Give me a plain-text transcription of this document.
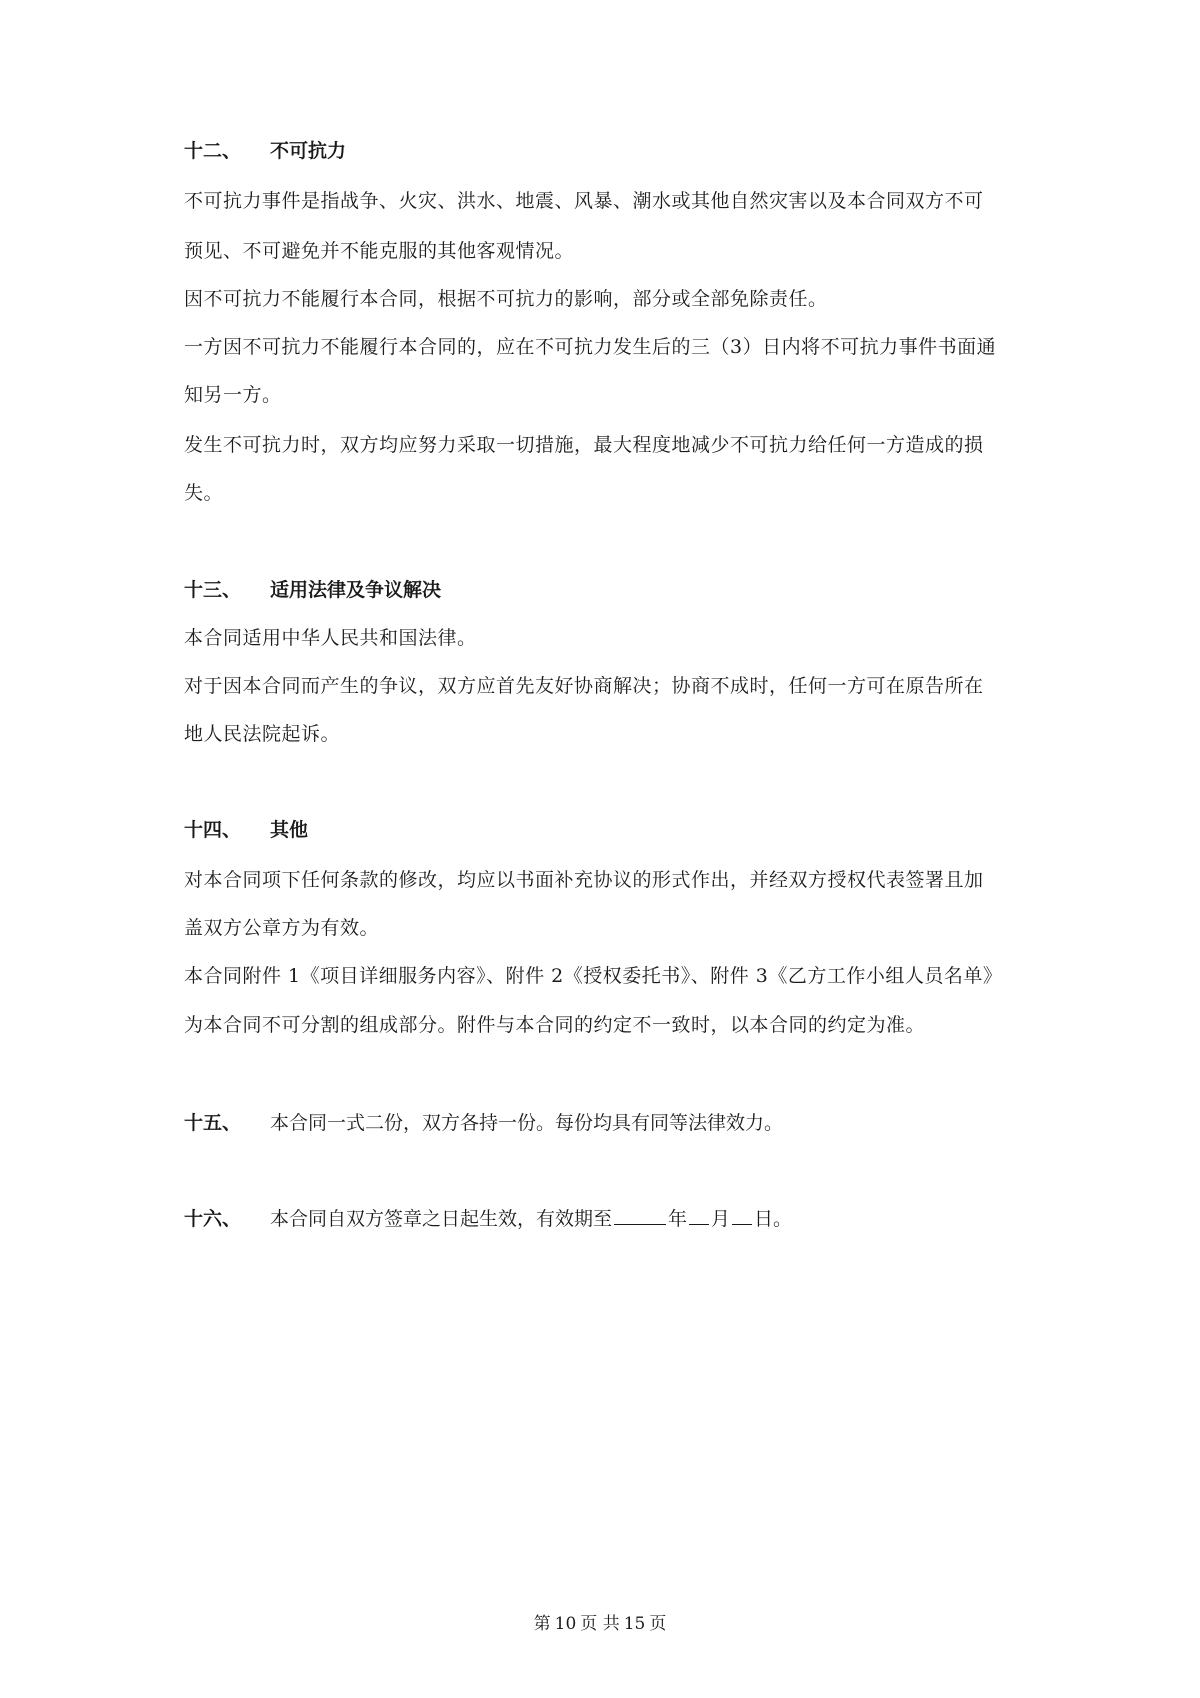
十二、 不可抗力
不可抗力事件是指战争、火灾、洪水、地震、风暴、潮水或其他自然灾害以及本合同双方不可
预见、不可避免并不能克服的其他客观情况。
因不可抗力不能履行本合同，根据不可抗力的影响，部分或全部免除责任。
一方因不可抗力不能履行本合同的，应在不可抗力发生后的三（3）日内将不可抗力事件书面通
知另一方。
发生不可抗力时，双方均应努力采取一切措施，最大程度地减少不可抗力给任何一方造成的损
失。
十三、 适用法律及争议解决
本合同适用中华人民共和国法律。
对于因本合同而产生的争议，双方应首先友好协商解决；协商不成时，任何一方可在原告所在
地人民法院起诉。
十四、 其他
对本合同项下任何条款的修改，均应以书面补充协议的形式作出，并经双方授权代表签署且加
盖双方公章方为有效。
本合同附件 1《项目详细服务内容》、附件 2《授权委托书》、附件 3《乙方工作小组人员名单》
为本合同不可分割的组成部分。附件与本合同的约定不一致时，以本合同的约定为准。
十五、 本合同一式二份，双方各持一份。每份均具有同等法律效力。
十六、 本合同自双方签章之日起生效，有效期至	年 月 日。
第 10 页 共 15 页
